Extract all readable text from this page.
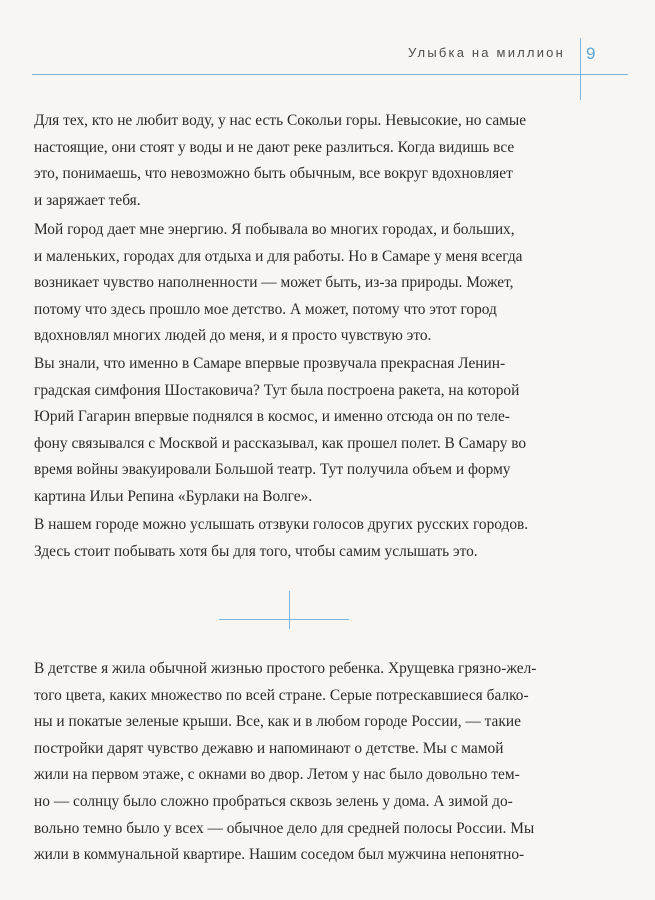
Улыбка на миллион 9

Для тех, кто не любит воду, у нас есть Сокольи горы. Невысокие, но самые

настоящие, они стоят у воды и не дают реке разлиться. Когда видишь все

это, понимаешь, что невозможно быть обычным, все вокруг вдохновляет

и заряжает тебя.

Мой город дает мне энергию. Я побывала во многих городах, и больших,

и маленьких, городах для отдыха и для работы. Но в Самаре у меня всегда

возникает чувство наполненности — может быть, из-за природы. Может,

потому что здесь прошло мое детство. А может, потому что этот город

вдохновлял многих людей до меня, и я просто чувствую это.

Вы знали, что именно в Самаре впервые прозвучала прекрасная Ленин-

градская симфония Шостаковича? Тут была построена ракета, на которой

Юрий Гагарин впервые поднялся в космос, и именно отсюда он по теле-

фону связывался с Москвой и рассказывал, как прошел полет. В Самару во

время войны эвакуировали Большой театр. Тут получила объем и форму

картина Ильи Репина «Бурлаки на Волге».

В нашем городе можно услышать отзвуки голосов других русских городов.

Здесь стоит побывать хотя бы для того, чтобы самим услышать это.

В детстве я жила обычной жизнью простого ребенка. Хрущевка грязно-жел-

того цвета, каких множество по всей стране. Серые потрескавшиеся балко-

ны и покатые зеленые крыши. Все, как и в любом городе России, — такие

постройки дарят чувство дежавю и напоминают о детстве. Мы с мамой

жили на первом этаже, с окнами во двор. Летом у нас было довольно тем-

но — солнцу было сложно пробраться сквозь зелень у дома. А зимой до-

вольно темно было у всех — обычное дело для средней полосы России. Мы

жили в коммунальной квартире. Нашим соседом был мужчина непонятно-
